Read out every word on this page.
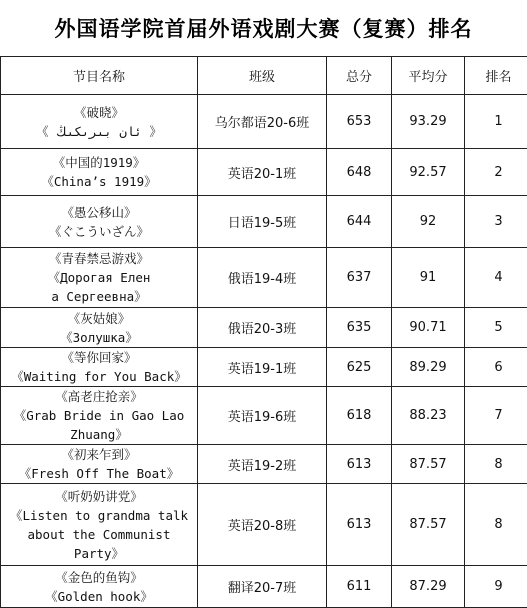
外国语学院首届外语戏剧大赛（复赛）排名
节目名称	班级	总分	平均分	排名

《破晓》
《 ئان بىرىكىڭ 》	乌尔都语20-6班	653	93.29	1

《中国的1919》
《China’s 1919》	英语20-1班	648	92.57	2

《愚公移山》
《ぐこういざん》	日语19-5班	644	92	3

《青春禁忌游戏》
《Дорогая Елен
а Сергеевна》	俄语19-4班	637	91	4

《灰姑娘》
《Золушка》	俄语20-3班	635	90.71	5

《等你回家》
《Waiting for You Back》	英语19-1班	625	89.29	6

《高老庄抢亲》
《Grab Bride in Gao Lao
Zhuang》	英语19-6班	618	88.23	7

《初来乍到》
《Fresh Off The Boat》	英语19-2班	613	87.57	8

《听奶奶讲党》
《Listen to grandma talk
about the Communist
Party》	英语20-8班	613	87.57	8

《金色的鱼钩》
《Golden hook》	翻译20-7班	611	87.29	9
